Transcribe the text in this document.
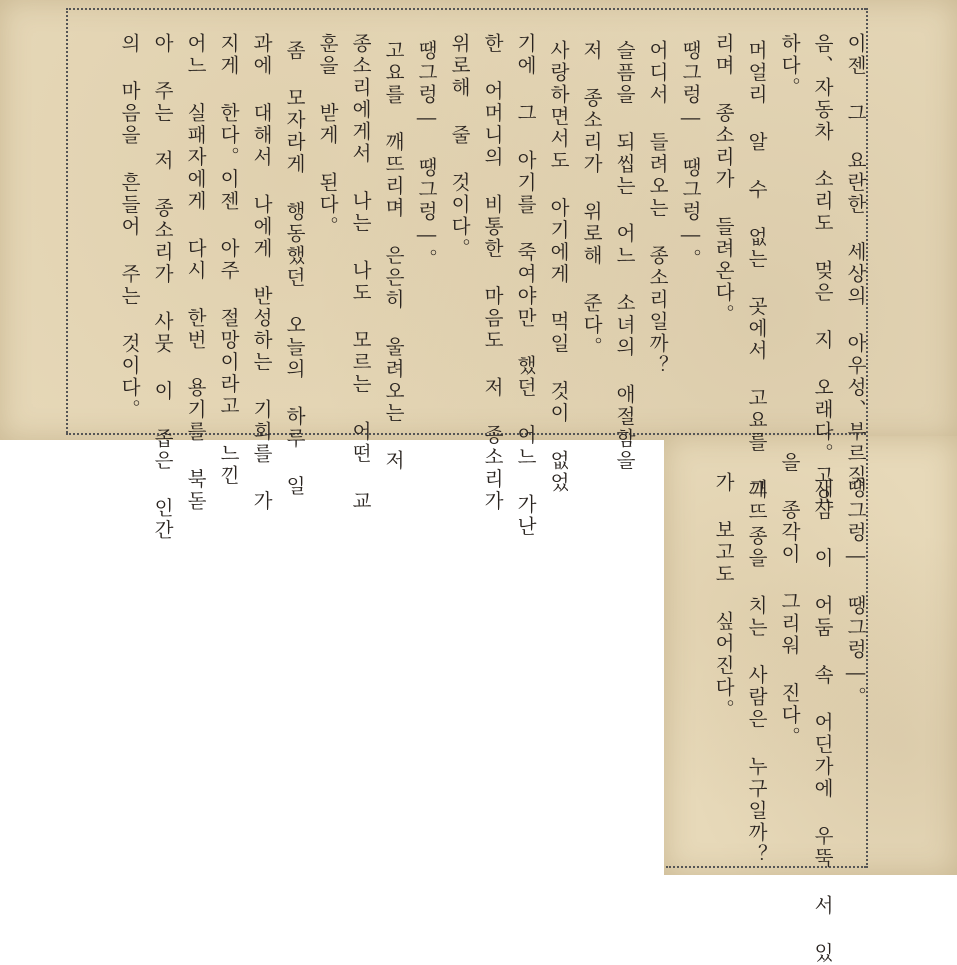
이젠 그 요란한 세상의 아우성、부르짖
음、자동차 소리도 멎은 지 오래다。고요
하다。
머얼리 알 수 없는 곳에서 고요를 깨뜨
리며 종소리가 들려온다。
땡그렁― 땡그렁―。
어디서 들려오는 종소리일까？
슬픔을 되씹는 어느 소녀의 애절함을
저 종소리가 위로해 준다。
사랑하면서도 아기에게 먹일 것이 없었
기에 그 아기를 죽여야만 했던 어느 가난
한 어머니의 비통한 마음도 저 종소리가
위로해 줄 것이다。
땡그렁― 땡그렁―。
고요를 깨뜨리며 은은히 울려오는 저
종소리에게서 나는 나도 모르는 어떤 교
훈을 받게 된다。
좀 모자라게 행동했던 오늘의 하루 일
과에 대해서 나에게 반성하는 기회를 가
지게 한다。이젠 아주 절망이라고 느낀
어느 실패자에게 다시 한번 용기를 북돋
아 주는 저 종소리가 사뭇 이 좁은 인간
의 마음을 흔들어 주는 것이다。
땡그렁― 땡그렁―。
새삼 이 어둠 속 어딘가에 우뚝 서 있
을 종각이 그리워 진다。
그 종을 치는 사람은 누구일까？
가 보고도 싶어진다。
